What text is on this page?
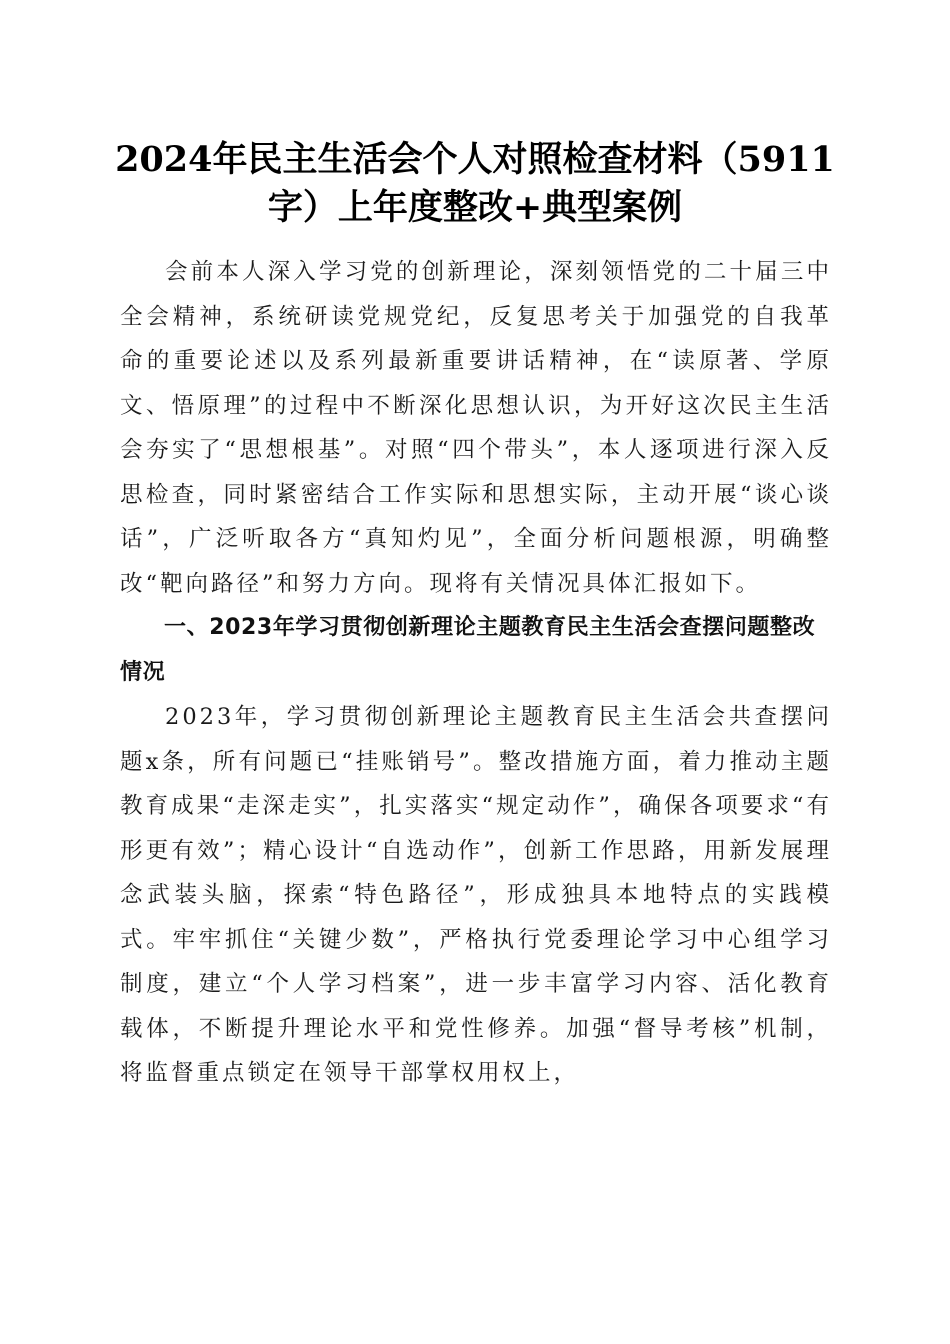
2024年民主生活会个人对照检查材料（5911字）上年度整改+典型案例

会前本人深入学习党的创新理论，深刻领悟党的二十届三中全会精神，系统研读党规党纪，反复思考关于加强党的自我革命的重要论述以及系列最新重要讲话精神，在“读原著、学原文、悟原理”的过程中不断深化思想认识，为开好这次民主生活会夯实了“思想根基”。对照“四个带头”，本人逐项进行深入反思检查，同时紧密结合工作实际和思想实际，主动开展“谈心谈话”，广泛听取各方“真知灼见”，全面分析问题根源，明确整改“靶向路径”和努力方向。现将有关情况具体汇报如下。

一、2023年学习贯彻创新理论主题教育民主生活会查摆问题整改情况

2023年，学习贯彻创新理论主题教育民主生活会共查摆问题x条，所有问题已“挂账销号”。整改措施方面，着力推动主题教育成果“走深走实”，扎实落实“规定动作”，确保各项要求“有形更有效”；精心设计“自选动作”，创新工作思路，用新发展理念武装头脑，探索“特色路径”，形成独具本地特点的实践模式。牢牢抓住“关键少数”，严格执行党委理论学习中心组学习制度，建立“个人学习档案”，进一步丰富学习内容、活化教育载体，不断提升理论水平和党性修养。加强“督导考核”机制，将监督重点锁定在领导干部掌权用权上，
